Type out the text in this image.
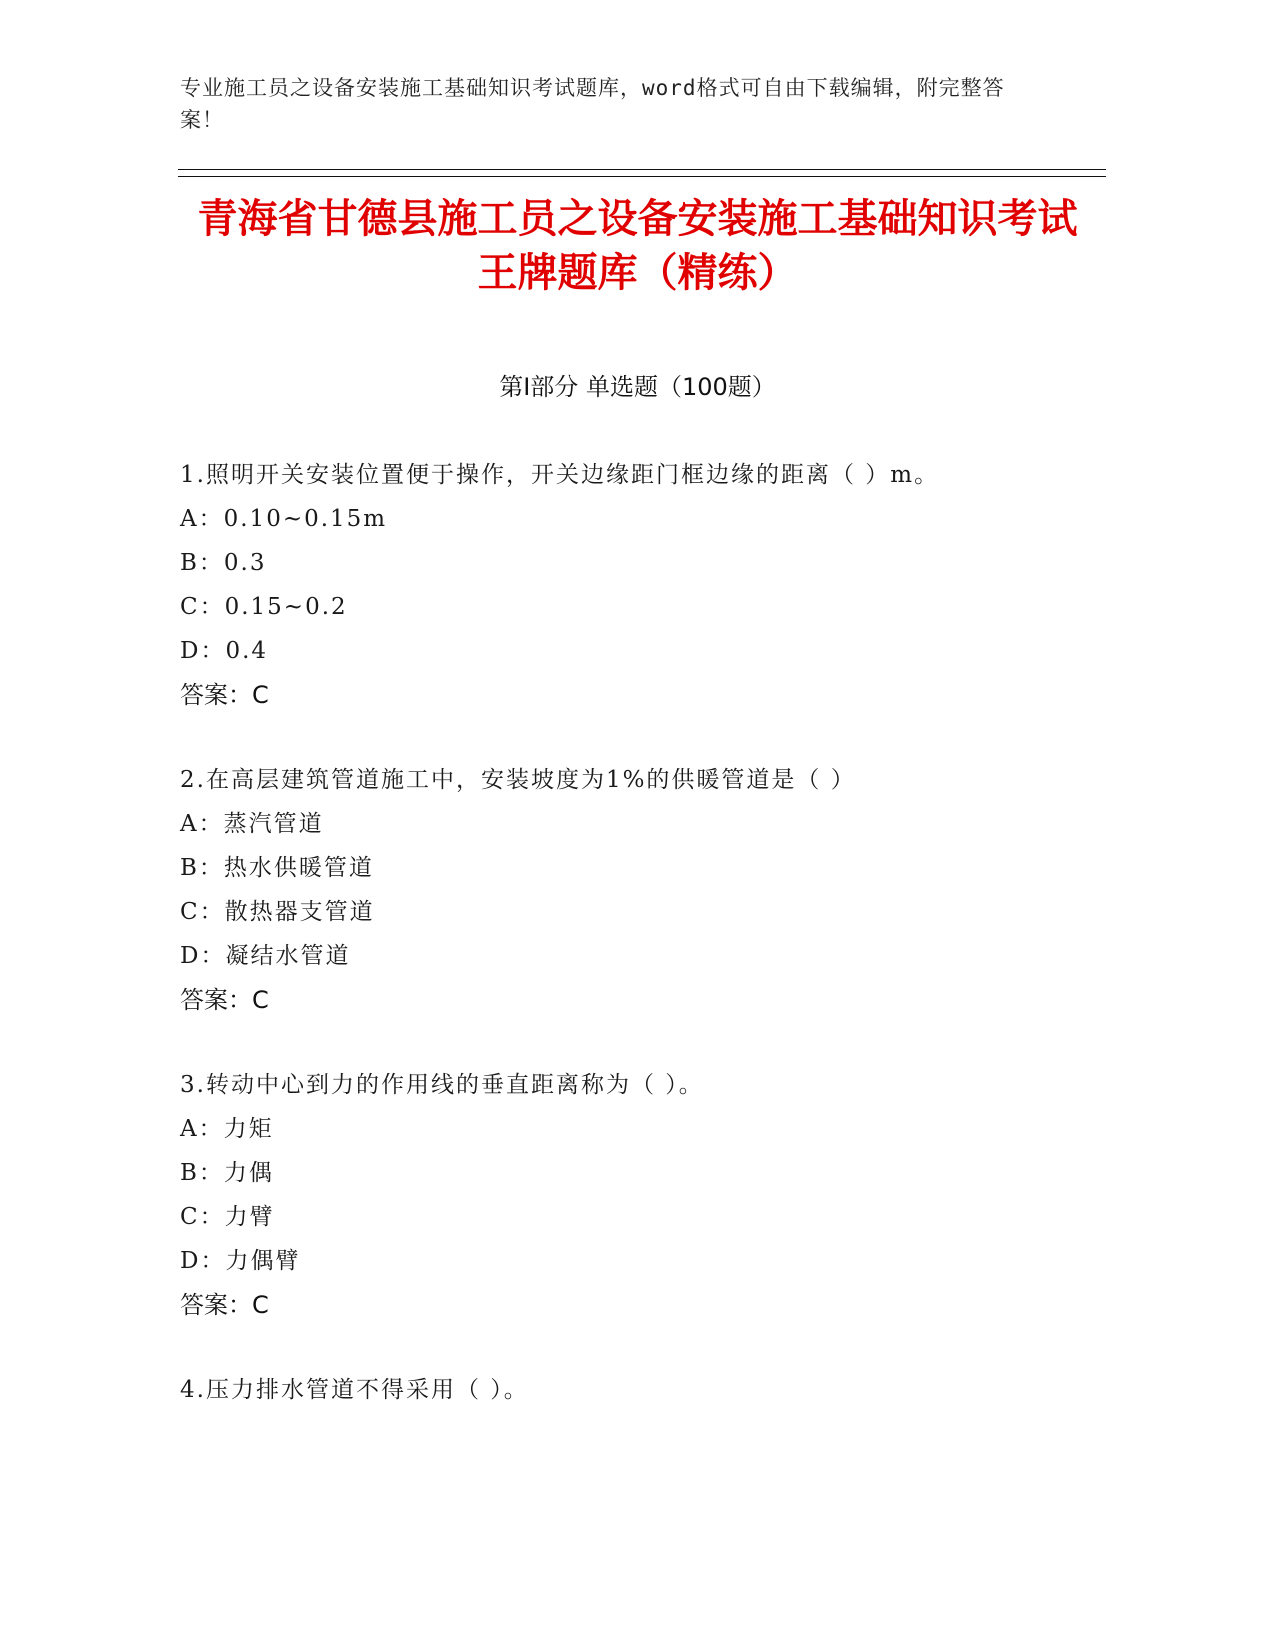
专业施工员之设备安装施工基础知识考试题库，word格式可自由下载编辑，附完整答案！
青海省甘德县施工员之设备安装施工基础知识考试王牌题库（精练）
第Ⅰ部分 单选题（100题）
1.照明开关安装位置便于操作，开关边缘距门框边缘的距离（ ）m。
A：0.10~0.15m
B：0.3
C：0.15~0.2
D：0.4
答案：C
2.在高层建筑管道施工中，安装坡度为1%的供暖管道是（ ）
A：蒸汽管道
B：热水供暖管道
C：散热器支管道
D：凝结水管道
答案：C
3.转动中心到力的作用线的垂直距离称为（ ）。
A：力矩
B：力偶
C：力臂
D：力偶臂
答案：C
4.压力排水管道不得采用（ ）。
